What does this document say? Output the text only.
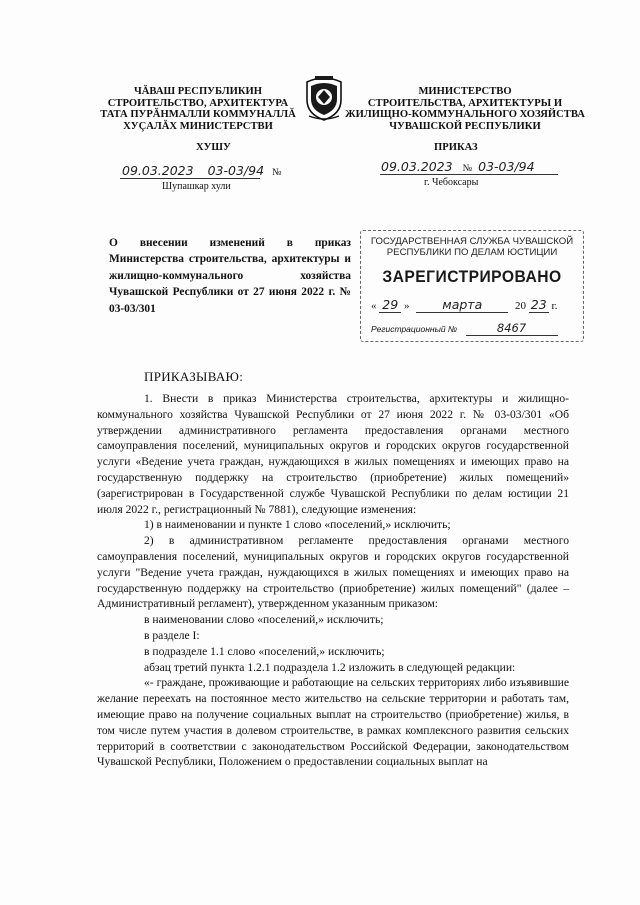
ЧĂВАШ РЕСПУБЛИКИН
СТРОИТЕЛЬСТВО, АРХИТЕКТУРА
ТАТА ПУРĂНМАЛЛИ КОММУНАЛЛĂ
ХУÇАЛĂХ МИНИСТЕРСТВИ
МИНИСТЕРСТВО
СТРОИТЕЛЬСТВА, АРХИТЕКТУРЫ И
ЖИЛИЩНО-КОММУНАЛЬНОГО ХОЗЯЙСТВА
ЧУВАШСКОЙ РЕСПУБЛИКИ
ХУШУ	ПРИКАЗ
09.03.2023 03-03/94 №
Шупашкар хули
09.03.2023 № 03-03/94
г. Чебоксары
О внесении изменений в приказ Министерства строительства, архитектуры и жилищно-коммунального хозяйства Чувашской Республики от 27 июня 2022 г. № 03-03/301
ГОСУДАРСТВЕННАЯ СЛУЖБА ЧУВАШСКОЙ
РЕСПУБЛИКИ ПО ДЕЛАМ ЮСТИЦИИ
ЗАРЕГИСТРИРОВАНО
« 29 »	марта	20 23 г.
Регистрационный №	8467
ПРИКАЗЫВАЮ:

1. Внести в приказ Министерства строительства, архитектуры и жилищно-коммунального хозяйства Чувашской Республики от 27 июня 2022 г. № 03-03/301 «Об утверждении административного регламента предоставления органами местного самоуправления поселений, муниципальных округов и городских округов государственной услуги «Ведение учета граждан, нуждающихся в жилых помещениях и имеющих право на государственную поддержку на строительство (приобретение) жилых помещений» (зарегистрирован в Государственной службе Чувашской Республики по делам юстиции 21 июля 2022 г., регистрационный № 7881), следующие изменения:

1) в наименовании и пункте 1 слово «поселений,» исключить;

2) в административном регламенте предоставления органами местного самоуправления поселений, муниципальных округов и городских округов государственной услуги "Ведение учета граждан, нуждающихся в жилых помещениях и имеющих право на государственную поддержку на строительство (приобретение) жилых помещений" (далее – Административный регламент), утвержденном указанным приказом:

в наименовании слово «поселений,» исключить;

в разделе I:

в подразделе 1.1 слово «поселений,» исключить;

абзац третий пункта 1.2.1 подраздела 1.2 изложить в следующей редакции:

«- граждане, проживающие и работающие на сельских территориях либо изъявившие желание переехать на постоянное место жительство на сельские территории и работать там, имеющие право на получение социальных выплат на строительство (приобретение) жилья, в том числе путем участия в долевом строительстве, в рамках комплексного развития сельских территорий в соответствии с законодательством Российской Федерации, законодательством Чувашской Республики, Положением о предоставлении социальных выплат на
